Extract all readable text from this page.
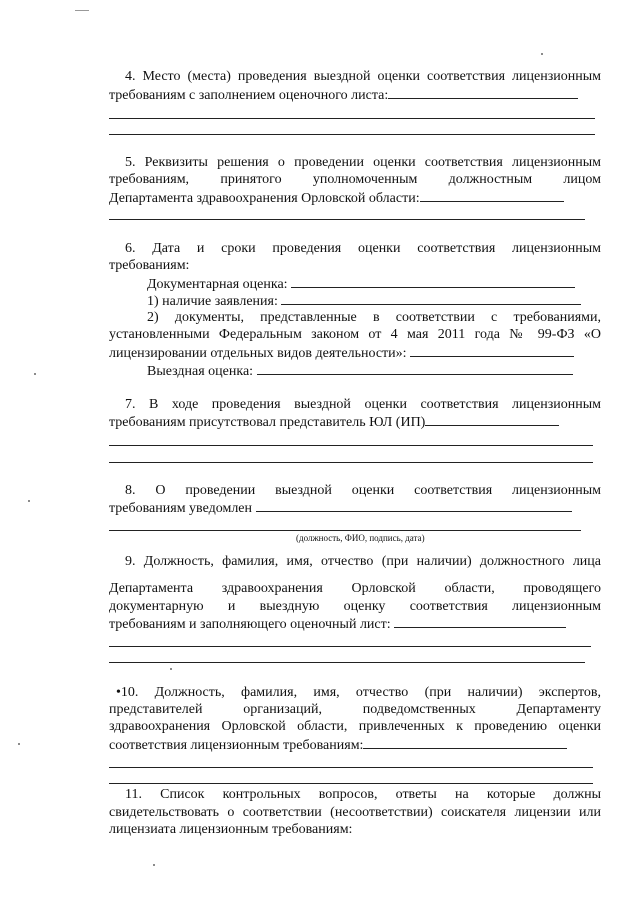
4. Место (места) проведения выездной оценки соответствия лицензионным
требованиям с заполнением оценочного листа:
5. Реквизиты решения о проведении оценки соответствия лицензионным
требованиям, принятого уполномоченным должностным лицом
Департамента здравоохранения Орловской области:
6. Дата и сроки проведения оценки соответствия лицензионным
требованиям:
Документарная оценка:
1) наличие заявления:
2) документы, представленные в соответствии с требованиями,
установленными Федеральным законом от 4 мая 2011 года № 99-ФЗ «О
лицензировании отдельных видов деятельности»:
Выездная оценка:
7. В ходе проведения выездной оценки соответствия лицензионным
требованиям присутствовал представитель ЮЛ (ИП)
8. О проведении выездной оценки соответствия лицензионным
требованиям уведомлен
(должность, ФИО, подпись, дата)
9. Должность, фамилия, имя, отчество (при наличии) должностного лица
Департамента здравоохранения Орловской области, проводящего
документарную и выездную оценку соответствия лицензионным
требованиям и заполняющего оценочный лист:
•10. Должность, фамилия, имя, отчество (при наличии) экспертов,
представителей организаций, подведомственных Департаменту
здравоохранения Орловской области, привлеченных к проведению оценки
соответствия лицензионным требованиям:
11. Список контрольных вопросов, ответы на которые должны
свидетельствовать о соответствии (несоответствии) соискателя лицензии или
лицензиата лицензионным требованиям:
